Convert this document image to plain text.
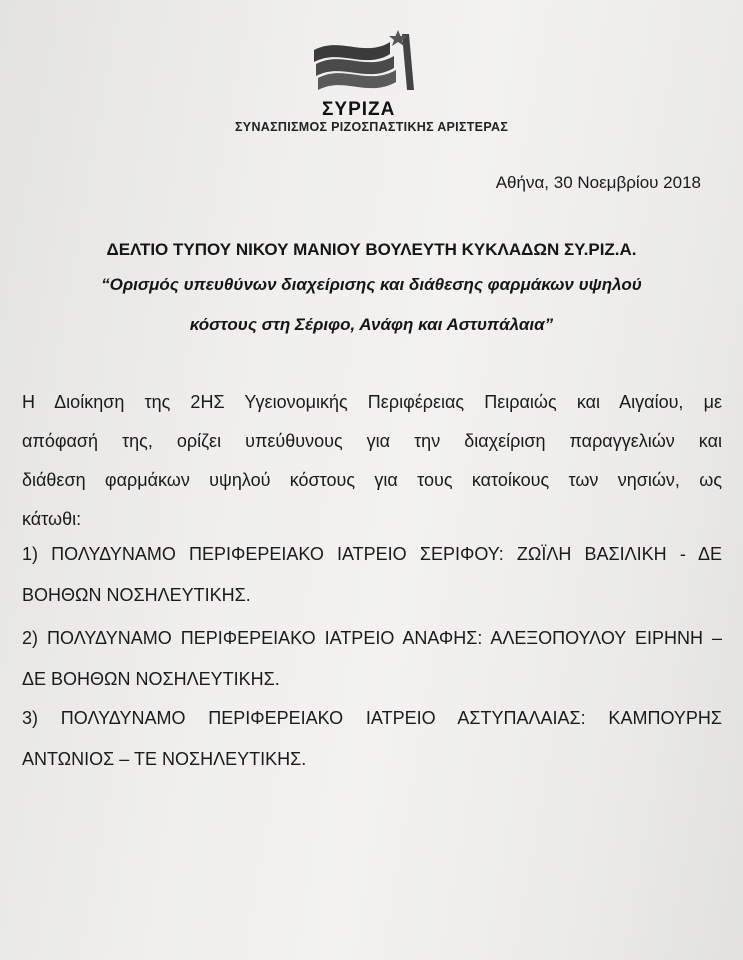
ΣΥΡΙΖΑ
ΣΥΝΑΣΠΙΣΜΟΣ ΡΙΖΟΣΠΑΣΤΙΚΗΣ ΑΡΙΣΤΕΡΑΣ
Αθήνα, 30 Νοεμβρίου 2018
ΔΕΛΤΙΟ ΤΥΠΟΥ ΝΙΚΟΥ ΜΑΝΙΟΥ ΒΟΥΛΕΥΤΗ ΚΥΚΛΑΔΩΝ ΣΥ.ΡΙΖ.Α.
“Ορισμός υπευθύνων διαχείρισης και διάθεσης φαρμάκων υψηλού
κόστους στη Σέριφο, Ανάφη και Αστυπάλαια”
Η Διοίκηση της 2ΗΣ Υγειονομικής Περιφέρειας Πειραιώς και Αιγαίου, με
απόφασή της, ορίζει υπεύθυνους για την διαχείριση παραγγελιών και
διάθεση φαρμάκων υψηλού κόστους για τους κατοίκους των νησιών, ως
κάτωθι:
1) ΠΟΛΥΔΥΝΑΜΟ ΠΕΡΙΦΕΡΕΙΑΚΟ ΙΑΤΡΕΙΟ ΣΕΡΙΦΟΥ: ΖΩΪΛΗ ΒΑΣΙΛΙΚΗ - ΔΕ
ΒΟΗΘΩΝ ΝΟΣΗΛΕΥΤΙΚΗΣ.
2) ΠΟΛΥΔΥΝΑΜΟ ΠΕΡΙΦΕΡΕΙΑΚΟ ΙΑΤΡΕΙΟ ΑΝΑΦΗΣ: ΑΛΕΞΟΠΟΥΛΟΥ ΕΙΡΗΝΗ –
ΔΕ ΒΟΗΘΩΝ ΝΟΣΗΛΕΥΤΙΚΗΣ.
3) ΠΟΛΥΔΥΝΑΜΟ ΠΕΡΙΦΕΡΕΙΑΚΟ ΙΑΤΡΕΙΟ ΑΣΤΥΠΑΛΑΙΑΣ: ΚΑΜΠΟΥΡΗΣ
ΑΝΤΩΝΙΟΣ – ΤΕ ΝΟΣΗΛΕΥΤΙΚΗΣ.
